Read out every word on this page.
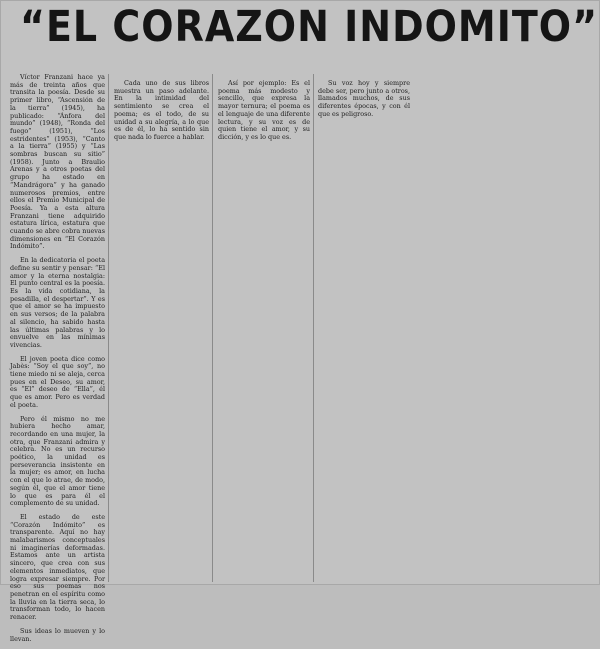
“EL CORAZON INDOMITO”

Víctor Franzani hace ya más de treinta años que transita la poesía. Desde su primer libro, “Ascensión de la tierra” (1945), ha publicado: “Ánfora del mundo” (1948), “Ronda del fuego” (1951), “Los estridentes” (1953), “Canto a la tierra” (1955) y “Las sombras buscan su sitio” (1958). Junto a Braulio Arenas y a otros poetas del grupo ha estado en “Mandrágora” y ha ganado numerosos premios, entre ellos el Premio Municipal de Poesía. Ya a esta altura Franzani tiene adquirido estatura lírica, estatura que cuando se abre cobra nuevas dimensiones en “El Corazón Indómito”.

En la dedicatoria el poeta define su sentir y pensar: “El amor y la eterna nostalgia: El punto central es la poesía. Es la vida cotidiana, la pesadilla, el despertar”. Y es que el amor se ha impuesto en sus versos; de la palabra al silencio, ha sabido hasta las últimas palabras y lo envuelve en las mínimas vivencias.

El joven poeta dice como Jabès: “Soy el que soy”, no tiene miedo ni se aleja, cerca pues en el Deseo, su amor, es “El” deseo de “Ella”, él que es amor. Pero es verdad el poeta.

Pero él mismo no me hubiera hecho amar, recordando en una mujer, la otra, que Franzani admira y celebra. No es un recurso poético, la unidad es perseverancia insistente en la mujer; es amor, en lucha con el que lo atrae, de modo, según él, que el amor tiene lo que es para él el complemento de su unidad.

El estado de este “Corazón Indómito” es transparente. Aquí no hay malabarismos conceptuales ni imaginerías deformadas. Estamos ante un artista sincero, que crea con sus elementos inmediatos, que logra expresar siempre. Por eso sus poemas nos penetran en el espíritu como la lluvia en la tierra seca, lo transforman todo, lo hacen renacer.

Sus ideas lo mueven y lo llevan.

Cada uno de sus libros muestra un paso adelante. En la intimidad del sentimiento se crea el poema; es el todo, de su unidad a su alegría, a lo que es de él, lo ha sentido sin que nada lo fuerce a hablar.

Así por ejemplo: Es el poema más modesto y sencillo, que expresa la mayor ternura; el poema es el lenguaje de una diferente lectura, y su voz es de quien tiene el amor, y su dicción, y es lo que es.

Su voz hoy y siempre debe ser, pero junto a otros, llamados muchos, de sus diferentes épocas, y con él que es peligroso.
